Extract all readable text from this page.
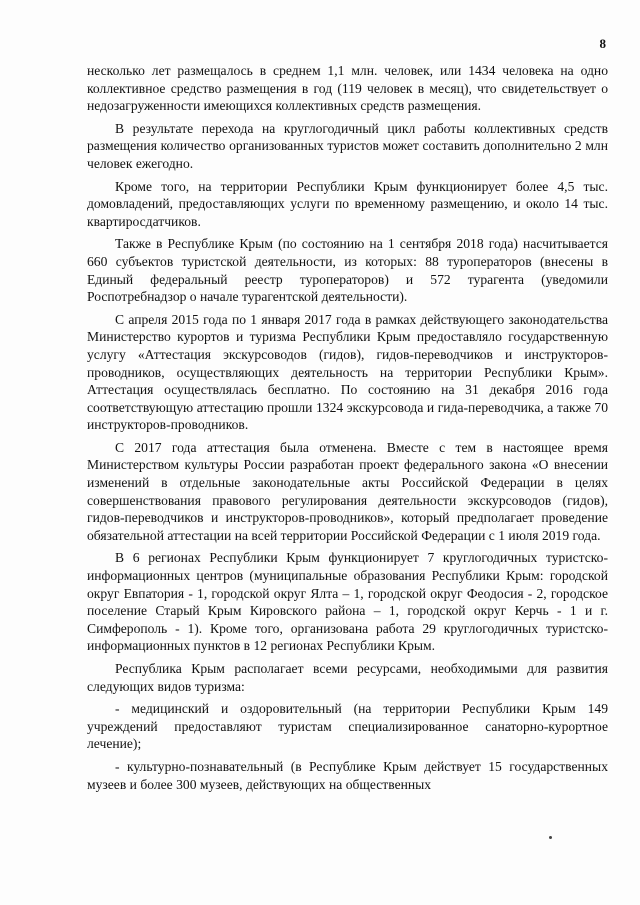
8

несколько лет размещалось в среднем 1,1 млн. человек, или 1434 человека на одно коллективное средство размещения в год (119 человек в месяц), что свидетельствует о недозагруженности имеющихся коллективных средств размещения.

В результате перехода на круглогодичный цикл работы коллективных средств размещения количество организованных туристов может составить дополнительно 2 млн человек ежегодно.

Кроме того, на территории Республики Крым функционирует более 4,5 тыс. домовладений, предоставляющих услуги по временному размещению, и около 14 тыс. квартиросдатчиков.

Также в Республике Крым (по состоянию на 1 сентября 2018 года) насчитывается 660 субъектов туристской деятельности, из которых: 88 туроператоров (внесены в Единый федеральный реестр туроператоров) и 572 турагента (уведомили Роспотребнадзор о начале турагентской деятельности).

С апреля 2015 года по 1 января 2017 года в рамках действующего законодательства Министерство курортов и туризма Республики Крым предоставляло государственную услугу «Аттестация экскурсоводов (гидов), гидов-переводчиков и инструкторов-проводников, осуществляющих деятельность на территории Республики Крым». Аттестация осуществлялась бесплатно. По состоянию на 31 декабря 2016 года соответствующую аттестацию прошли 1324 экскурсовода и гида-переводчика, а также 70 инструкторов-проводников.

С 2017 года аттестация была отменена. Вместе с тем в настоящее время Министерством культуры России разработан проект федерального закона «О внесении изменений в отдельные законодательные акты Российской Федерации в целях совершенствования правового регулирования деятельности экскурсоводов (гидов), гидов-переводчиков и инструкторов-проводников», который предполагает проведение обязательной аттестации на всей территории Российской Федерации с 1 июля 2019 года.

В 6 регионах Республики Крым функционирует 7 круглогодичных туристско-информационных центров (муниципальные образования Республики Крым: городской округ Евпатория - 1, городской округ Ялта – 1, городской округ Феодосия - 2, городское поселение Старый Крым Кировского района – 1, городской округ Керчь - 1 и г. Симферополь - 1). Кроме того, организована работа 29 круглогодичных туристско-информационных пунктов в 12 регионах Республики Крым.

Республика Крым располагает всеми ресурсами, необходимыми для развития следующих видов туризма:

- медицинский и оздоровительный (на территории Республики Крым 149 учреждений предоставляют туристам специализированное санаторно-курортное лечение);

- культурно-познавательный (в Республике Крым действует 15 государственных музеев и более 300 музеев, действующих на общественных
